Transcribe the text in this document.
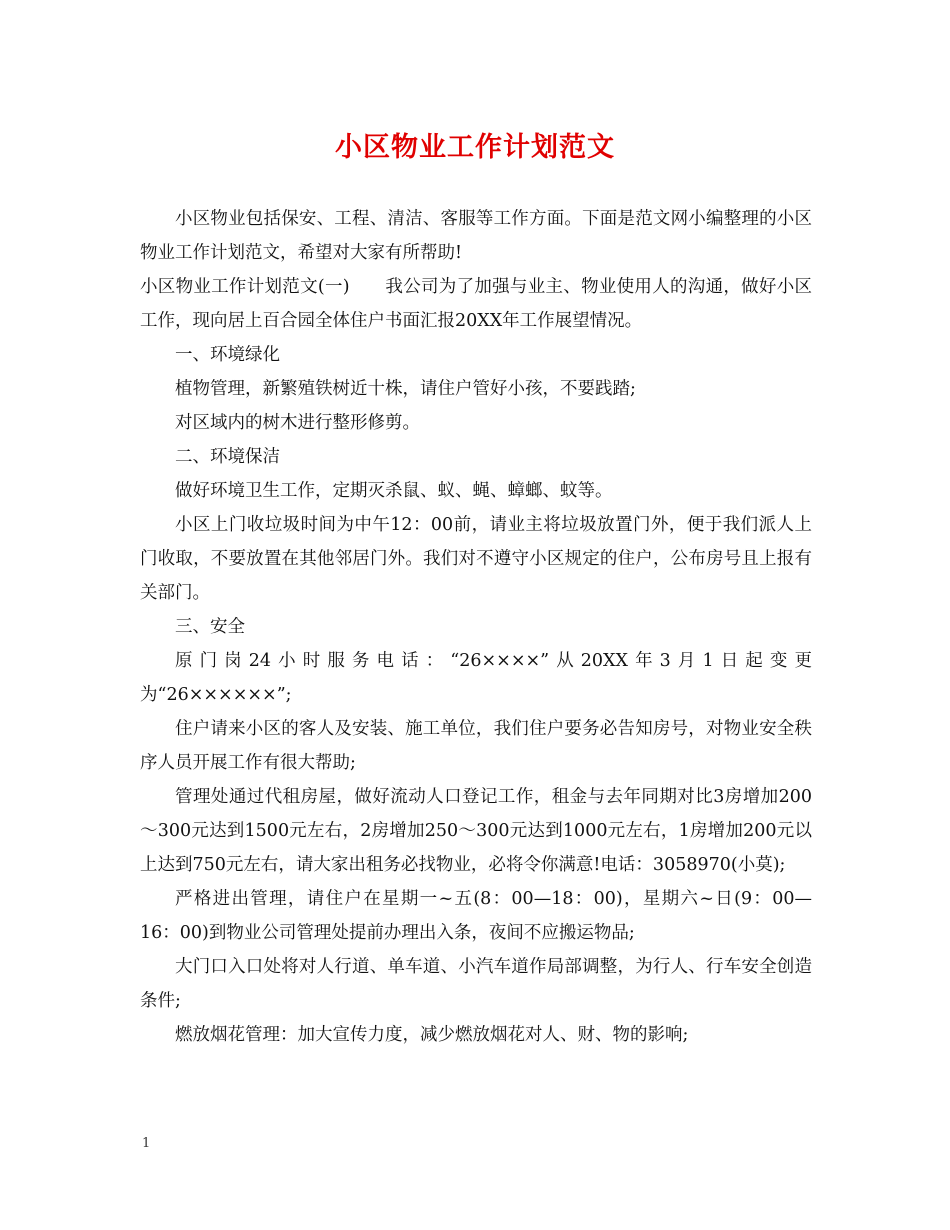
小区物业工作计划范文

小区物业包括保安、工程、清洁、客服等工作方面。下面是范文网小编整理的小区物业工作计划范文，希望对大家有所帮助!

小区物业工作计划范文(一)　　我公司为了加强与业主、物业使用人的沟通，做好小区工作，现向居上百合园全体住户书面汇报20XX年工作展望情况。

一、环境绿化

植物管理，新繁殖铁树近十株，请住户管好小孩，不要践踏;

对区域内的树木进行整形修剪。

二、环境保洁

做好环境卫生工作，定期灭杀鼠、蚁、蝇、蟑螂、蚊等。

小区上门收垃圾时间为中午12：00前，请业主将垃圾放置门外，便于我们派人上门收取，不要放置在其他邻居门外。我们对不遵守小区规定的住户，公布房号且上报有关部门。

三、安全

原门岗24小时服务电话：“26××××”从20XX年3月1日起变更为“26××××××”;

住户请来小区的客人及安装、施工单位，我们住户要务必告知房号，对物业安全秩序人员开展工作有很大帮助;

管理处通过代租房屋，做好流动人口登记工作，租金与去年同期对比3房增加200～300元达到1500元左右，2房增加250～300元达到1000元左右，1房增加200元以上达到750元左右，请大家出租务必找物业，必将令你满意!电话：3058970(小莫);

严格进出管理，请住户在星期一~五(8：00—18：00)，星期六~日(9：00—16：00)到物业公司管理处提前办理出入条，夜间不应搬运物品;

大门口入口处将对人行道、单车道、小汽车道作局部调整，为行人、行车安全创造条件;

燃放烟花管理：加大宣传力度，减少燃放烟花对人、财、物的影响;

1
